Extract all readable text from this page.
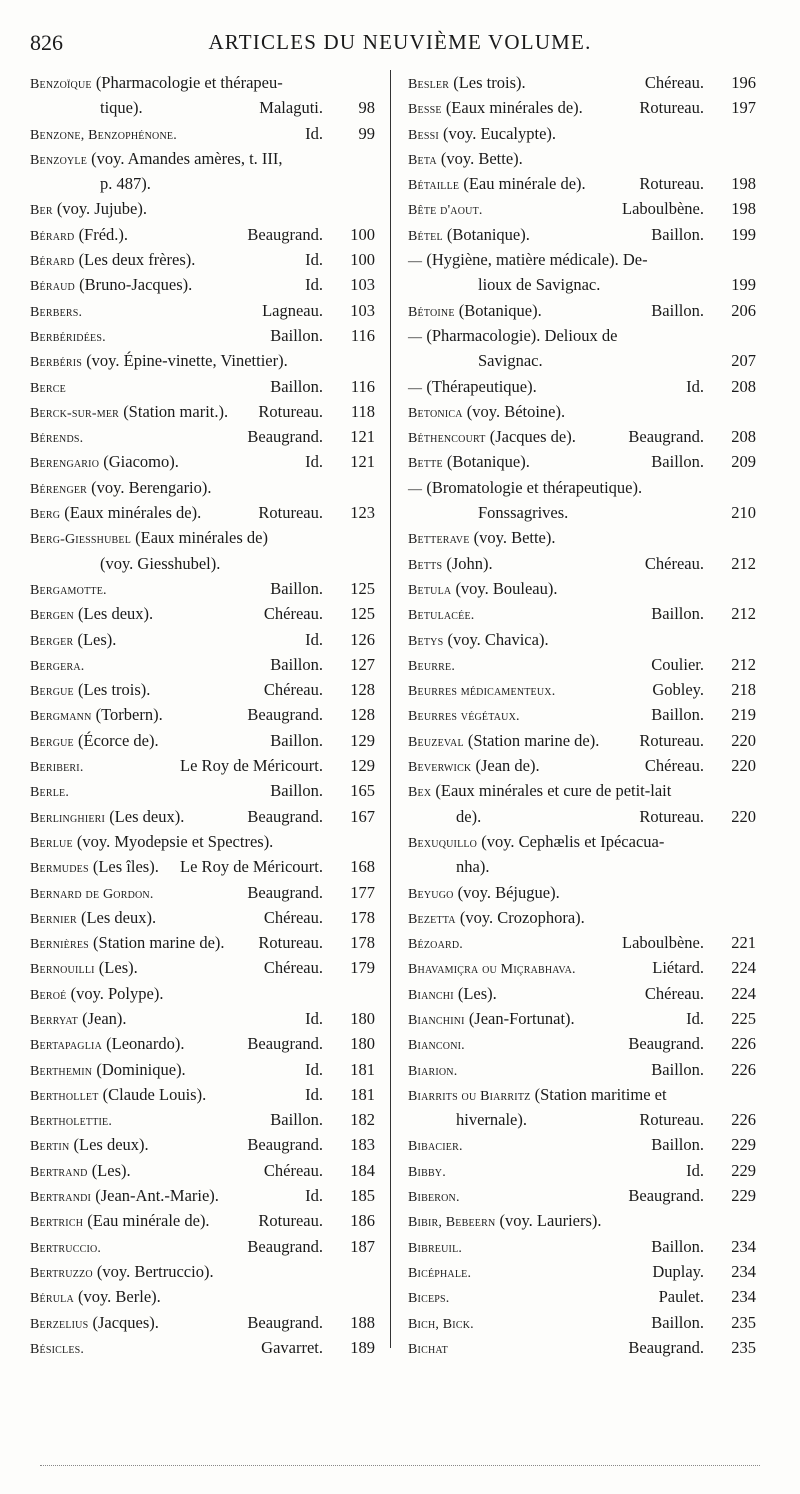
826	ARTICLES DU NEUVIÈME VOLUME.
Benzoïque (Pharmacologie et thérapeu-
tique).	Malaguti. 98
Benzone, Benzophénone.	Id. 99
Benzoyle (voy. Amandes amères, t. III,
p. 487).
Ber (voy. Jujube).
Bérard (Fréd.).	Beaugrand. 100
Bérard (Les deux frères).	Id. 100
Béraud (Bruno-Jacques).	Id. 103
Berbers.	Lagneau. 103
Berbéridées.	Baillon. 116
Berbéris (voy. Épine-vinette, Vinettier).
Berce	Baillon. 116
Berck-sur-mer (Station marit.). Rotureau. 118
Bérends.	Beaugrand. 121
Berengario (Giacomo).	Id. 121
Bérenger (voy. Berengario).
Berg (Eaux minérales de).	Rotureau. 123
Berg-Giesshubel (Eaux minérales de)
(voy. Giesshubel).
Bergamotte.	Baillon. 125
Bergen (Les deux).	Chéreau. 125
Berger (Les).	Id. 126
Bergera.	Baillon. 127
Bergue (Les trois).	Chéreau. 128
Bergmann (Torbern).	Beaugrand. 128
Bergue (Écorce de).	Baillon. 129
Beriberi.	Le Roy de Méricourt. 129
Berle.	Baillon. 165
Berlinghieri (Les deux).	Beaugrand. 167
Berlue (voy. Myodepsie et Spectres).
Bermudes (Les îles). Le Roy de Méricourt. 168
Bernard de Gordon.	Beaugrand. 177
Bernier (Les deux).	Chéreau. 178
Bernières (Station marine de). Rotureau. 178
Bernouilli (Les).	Chéreau. 179
Beroé (voy. Polype).
Berryat (Jean).	Id. 180
Bertapaglia (Leonardo).	Beaugrand. 180
Berthemin (Dominique).	Id. 181
Berthollet (Claude Louis).	Id. 181
Bertholettie.	Baillon. 182
Bertin (Les deux).	Beaugrand. 183
Bertrand (Les).	Chéreau. 184
Bertrandi (Jean-Ant.-Marie).	Id. 185
Bertrich (Eau minérale de).	Rotureau. 186
Bertruccio.	Beaugrand. 187
Bertruzzo (voy. Bertruccio).
Bérula (voy. Berle).
Berzelius (Jacques).	Beaugrand. 188
Bésicles.	Gavarret. 189
Besler (Les trois).	Chéreau. 196
Besse (Eaux minérales de).	Rotureau. 197
Bessi (voy. Eucalypte).
Beta (voy. Bette).
Bétaille (Eau minérale de).	Rotureau. 198
Bête d'aout.	Laboulbène. 198
Bétel (Botanique).	Baillon. 199
— (Hygiène, matière médicale). De-
lioux de Savignac.	199
Bétoine (Botanique).	Baillon. 206
— (Pharmacologie). Delioux de
Savignac.	207
— (Thérapeutique).	Id. 208
Betonica (voy. Bétoine).
Béthencourt (Jacques de).	Beaugrand. 208
Bette (Botanique).	Baillon. 209
— (Bromatologie et thérapeutique).
Fonssagrives.	210
Betterave (voy. Bette).
Betts (John).	Chéreau. 212
Betula (voy. Bouleau).
Betulacée.	Baillon. 212
Betys (voy. Chavica).
Beurre.	Coulier. 212
Beurres médicamenteux.	Gobley. 218
Beurres végétaux.	Baillon. 219
Beuzeval (Station marine de). Rotureau. 220
Beverwick (Jean de).	Chéreau. 220
Bex (Eaux minérales et cure de petit-lait
de).	Rotureau. 220
Bexuquillo (voy. Cephælis et Ipécacua-
nha).
Beyugo (voy. Béjugue).
Bezetta (voy. Crozophora).
Bézoard.	Laboulbène. 221
Bhavamiçra ou Miçrabhava.	Liétard. 224
Bianchi (Les).	Chéreau. 224
Bianchini (Jean-Fortunat).	Id. 225
Bianconi.	Beaugrand. 226
Biarion.	Baillon. 226
Biarrits ou Biarritz (Station maritime et
hivernale).	Rotureau. 226
Bibacier.	Baillon. 229
Bibby.	Id. 229
Biberon.	Beaugrand. 229
Bibir, Bebeern (voy. Lauriers).
Bibreuil.	Baillon. 234
Bicéphale.	Duplay. 234
Biceps.	Paulet. 234
Bich, Bick.	Baillon. 235
Bichat	Beaugrand. 235
